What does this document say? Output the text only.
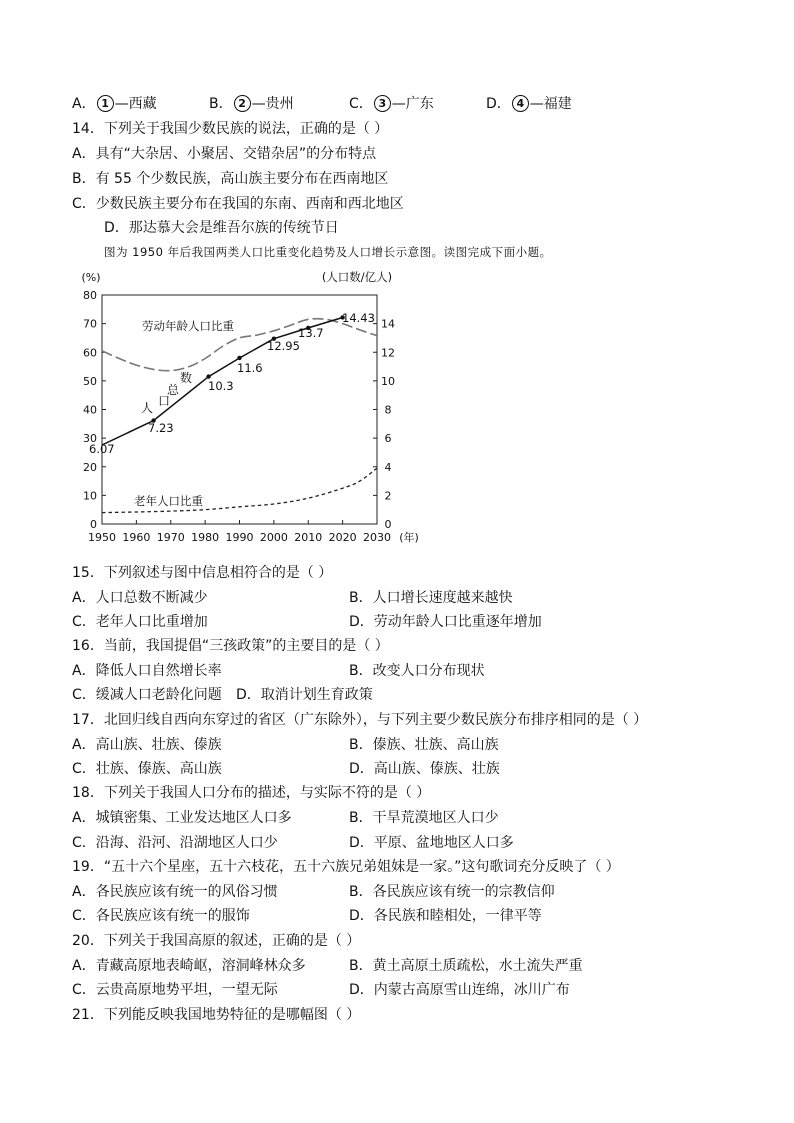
A． 1 —西藏	B． 2 —贵州	C． 3 —广东	D． 4 —福建
14．下列关于我国少数民族的说法，正确的是（ ）
A．具有“大杂居、小聚居、交错杂居”的分布特点
B．有 55 个少数民族，高山族主要分布在西南地区
C．少数民族主要分布在我国的东南、西南和西北地区
D．那达慕大会是维吾尔族的传统节日
图为 1950 年后我国两类人口比重变化趋势及人口增长示意图。读图完成下面小题。
0
10
20
30
40
50
60
70
80
(%)
0
2
4
6
8
10
12
14
(人口数/亿人)
1950 1960 1970 1980 1990 2000 2010 2020 2030 (年)
6.07
7.23
10.3
11.6
12.95
13.7
14.43
人 口
总
数
劳动年龄人口比重
老年人口比重
15．下列叙述与图中信息相符合的是（ ）
A．人口总数不断减少	B．人口增长速度越来越快
C．老年人口比重增加	D．劳动年龄人口比重逐年增加
16．当前，我国提倡“三孩政策”的主要目的是（ ）
A．降低人口自然增长率	B．改变人口分布现状
C．缓减人口老龄化问题 D．取消计划生育政策
17．北回归线自西向东穿过的省区（广东除外），与下列主要少数民族分布排序相同的是（ ）
A．高山族、壮族、傣族	B．傣族、壮族、高山族
C．壮族、傣族、高山族	D．高山族、傣族、壮族
18．下列关于我国人口分布的描述，与实际不符的是（ ）
A．城镇密集、工业发达地区人口多	B．干旱荒漠地区人口少
C．沿海、沿河、沿湖地区人口少	D．平原、盆地地区人口多
19．“五十六个星座，五十六枝花，五十六族兄弟姐妹是一家。”这句歌词充分反映了（ ）
A．各民族应该有统一的风俗习惯	B．各民族应该有统一的宗教信仰
C．各民族应该有统一的服饰	D．各民族和睦相处，一律平等
20．下列关于我国高原的叙述，正确的是（ ）
A．青藏高原地表崎岖，溶洞峰林众多	B．黄土高原土质疏松，水土流失严重
C．云贵高原地势平坦，一望无际	D．内蒙古高原雪山连绵，冰川广布
21．下列能反映我国地势特征的是哪幅图（ ）
